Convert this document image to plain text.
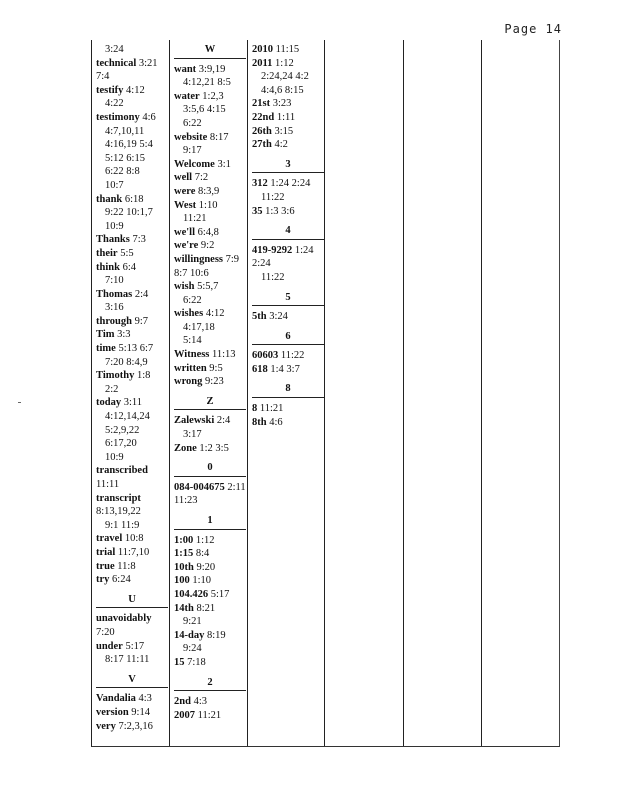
Page 14
3:24
technical 3:21 7:4
testify 4:12
4:22
testimony 4:6
4:7,10,11
4:16,19 5:4
5:12 6:15
6:22 8:8
10:7
thank 6:18
9:22 10:1,7
10:9
Thanks 7:3
their 5:5
think 6:4
7:10
Thomas 2:4
3:16
through 9:7
Tim 3:3
time 5:13 6:7
7:20 8:4,9
Timothy 1:8
2:2
today 3:11
4:12,14,24
5:2,9,22
6:17,20
10:9
transcribed 11:11
transcript 8:13,19,22
9:1 11:9
travel 10:8
trial 11:7,10
true 11:8
try 6:24
U
unavoidably 7:20
under 5:17
8:17 11:11
V
Vandalia 4:3
version 9:14
very 7:2,3,16
W
want 3:9,19
4:12,21 8:5
water 1:2,3
3:5,6 4:15
6:22
website 8:17
9:17
Welcome 3:1
well 7:2
were 8:3,9
West 1:10
11:21
we'll 6:4,8
we're 9:2
willingness 7:9 8:7 10:6
wish 5:5,7
6:22
wishes 4:12
4:17,18
5:14
Witness 11:13
written 9:5
wrong 9:23
Z
Zalewski 2:4
3:17
Zone 1:2 3:5
0
084-004675 2:11 11:23
1
1:00 1:12
1:15 8:4
10th 9:20
100 1:10
104.426 5:17
14th 8:21
9:21
14-day 8:19
9:24
15 7:18
2
2nd 4:3
2007 11:21
2010 11:15
2011 1:12
2:24,24 4:2
4:4,6 8:15
21st 3:23
22nd 1:11
26th 3:15
27th 4:2
3
312 1:24 2:24
11:22
35 1:3 3:6
4
419-9292 1:24 2:24
11:22
5
5th 3:24
6
60603 11:22
618 1:4 3:7
8
8 11:21
8th 4:6
